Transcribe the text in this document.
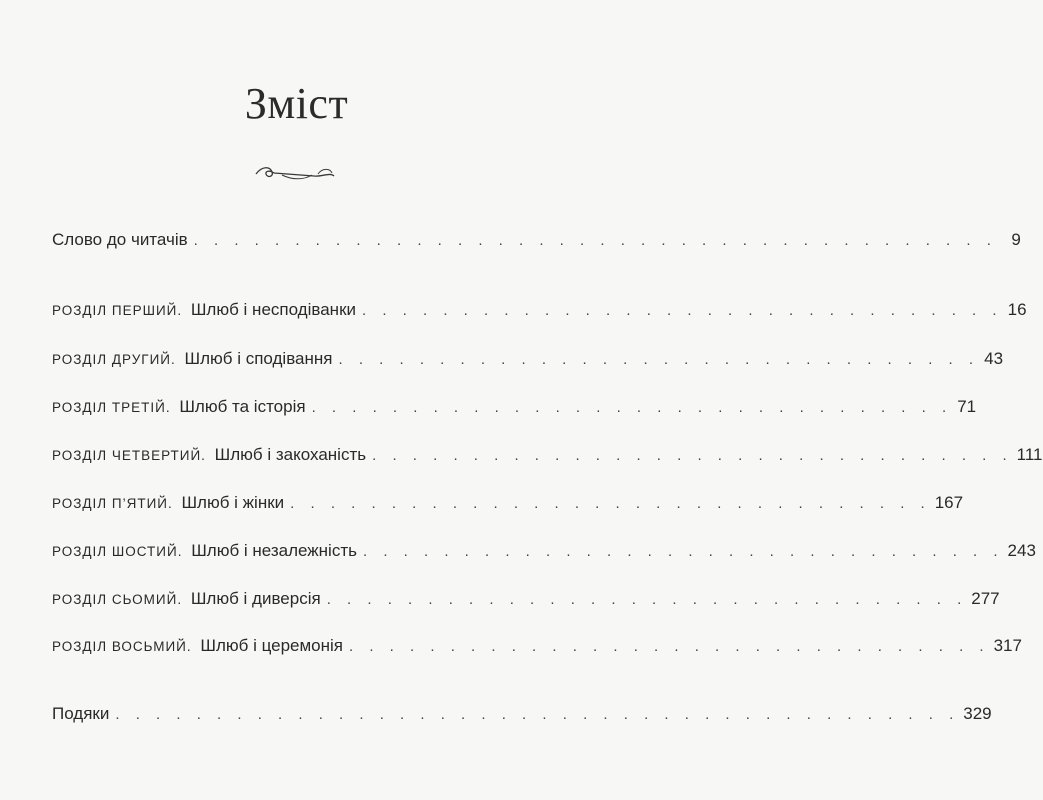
Зміст
Слово до читачів . . . . . . . . . . . . . . . . . . . . . . . . . . . . . . . . . . . . . . . . 9
РОЗДІЛ ПЕРШИЙ. Шлюб і несподіванки . . . . . . . . . . . . . . . . . . . . . . . . . . . . . . . . 16
РОЗДІЛ ДРУГИЙ. Шлюб і сподівання . . . . . . . . . . . . . . . . . . . . . . . . . . . . . . . . 43
РОЗДІЛ ТРЕТІЙ. Шлюб та історія . . . . . . . . . . . . . . . . . . . . . . . . . . . . . . . . 71
РОЗДІЛ ЧЕТВЕРТИЙ. Шлюб і закоханість . . . . . . . . . . . . . . . . . . . . . . . . . . . . . . . . 111
РОЗДІЛ П’ЯТИЙ. Шлюб і жінки . . . . . . . . . . . . . . . . . . . . . . . . . . . . . . . . 167
РОЗДІЛ ШОСТИЙ. Шлюб і незалежність . . . . . . . . . . . . . . . . . . . . . . . . . . . . . . . . 243
РОЗДІЛ СЬОМИЙ. Шлюб і диверсія . . . . . . . . . . . . . . . . . . . . . . . . . . . . . . . . 277
РОЗДІЛ ВОСЬМИЙ. Шлюб і церемонія . . . . . . . . . . . . . . . . . . . . . . . . . . . . . . . . 317
Подяки . . . . . . . . . . . . . . . . . . . . . . . . . . . . . . . . . . . . . . . . . . 329
